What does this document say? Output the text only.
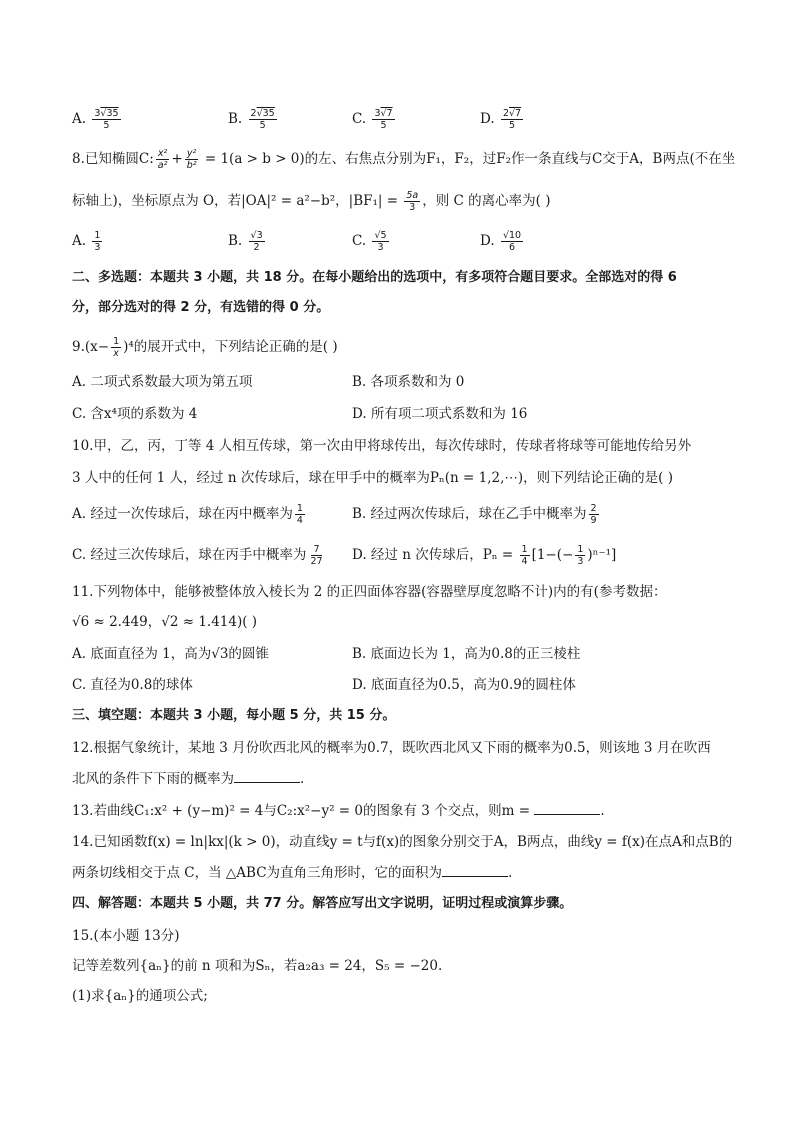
A. $\frac{3√35}{5}$	B. $\frac{2√35}{5}$	C. $\frac{3√7}{5}$	D. $\frac{2√7}{5}$
8.已知椭圆C: $\frac{\text{x²}}{\text{a²}} + \frac{\text{y²}}{\text{b²}} = 1(a > b > 0)$的左、右焦点分别为F₁，F₂，过F₂作一条直线与C交于A，B两点(不在坐
标轴上)，坐标原点为 O，若|OA|² = a²−b²，$|BF_1| = \frac{5a}{3}$ ，则 C 的离心率为( )
A. $\frac{1}{3}$	B. $\frac{√3}{2}$	C. $\frac{√5}{3}$	D. $\frac{√10}{6}$
二、多选题：本题共 3 小题，共 18 分。在每小题给出的选项中，有多项符合题目要求。全部选对的得 6
分，部分选对的得 2 分，有选错的得 0 分。
$9.(x- \frac{1}{x} )^4$的展开式中，下列结论正确的是( )
A. 二项式系数最大项为第五项	B. 各项系数和为 0
C. 含x⁴项的系数为 4	D. 所有项二项式系数和为 16
10.甲，乙，丙，丁等 4 人相互传球，第一次由甲将球传出，每次传球时，传球者将球等可能地传给另外
3 人中的任何 1 人，经过 n 次传球后，球在甲手中的概率为Pₙ(n = 1,2,⋯)，则下列结论正确的是( )
A. 经过一次传球后，球在丙中概率为 $\frac{1}{4}$	B. 经过两次传球后，球在乙手中概率为 $\frac{2}{9}$
C. 经过三次传球后，球在丙手中概率为 $\frac{7}{27} D$. 经过 n 次传球后，$P_n = \frac{1}{4} [1-(- \frac{1}{3} )^{n-1}]$
11.下列物体中，能够被整体放入棱长为 2 的正四面体容器(容器壁厚度忽略不计)内的有(参考数据：
√6 ≈ 2.449，√2 ≈ 1.414)( )
A. 底面直径为 1，高为√3的圆锥	B. 底面边长为 1，高为0.8的正三棱柱
C. 直径为0.8的球体	D. 底面直径为0.5，高为0.9的圆柱体
三、填空题：本题共 3 小题，每小题 5 分，共 15 分。
12.根据气象统计，某地 3 月份吹西北风的概率为0.7，既吹西北风又下雨的概率为0.5，则该地 3 月在吹西
北风的条件下下雨的概率为	.
13.若曲线C₁:x² + (y−m)² = 4与C₂:x²−y² = 0的图象有 3 个交点，则m =	.
14.已知函数f(x) = ln|kx|(k > 0)，动直线y = t与f(x)的图象分别交于A，B两点，曲线y = f(x)在点A和点B的
两条切线相交于点 C，当 △ABC为直角三角形时，它的面积为	.
四、解答题：本题共 5 小题，共 77 分。解答应写出文字说明，证明过程或演算步骤。
15.(本小题 13分)
记等差数列{aₙ}的前 n 项和为Sₙ，若a₂a₃ = 24，S₅ = −20.
(1)求{aₙ}的通项公式;
